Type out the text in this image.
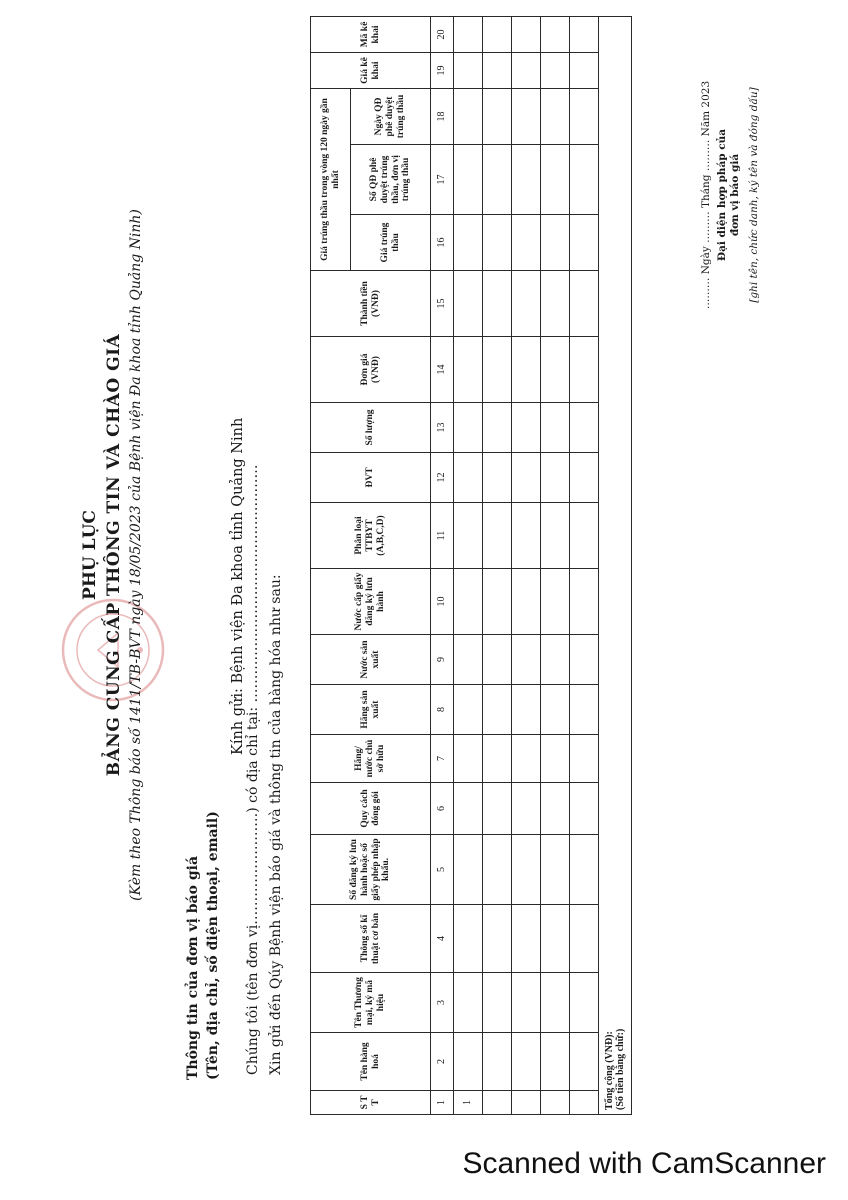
PHỤ LỤC BẢNG CUNG CẤP THÔNG TIN VÀ CHÀO GIÁ (Kèm theo Thông báo số 1411/TB-BVT ngày 18/05/2023 của Bệnh viện Đa khoa tỉnh Quảng Ninh)
Thông tin của đơn vị báo giá (Tên, địa chỉ, số điện thoại, email)
Kính gửi: Bệnh viện Đa khoa tỉnh Quảng Ninh Chúng tôi (tên đơn vị……………………) có địa chỉ tại: …………………………………………… Xin gửi đến Qúy Bệnh viện báo giá và thông tin của hàng hóa như sau:
S T T	Tên hàng hoá	Tên Thương mại, ký mã hiệu	Thông số kĩ thuật cơ bản	Số đăng ký lưu hành hoặc số giấy phép nhập khẩu.	Quy cách đóng gói	Hãng/ nước chủ sở hữu	Hãng sản xuất	Nước sản xuất	Nước cấp giấy đăng ký lưu hành	Phân loại TTBYT (A,B,C,D)	ĐVT	Số lượng	Đơn giá (VNĐ)	Thành tiền (VNĐ)	Giá trúng thầu trong vòng 120 ngày gần nhất			Giá kê khai	Mã kê khai
															Giá trúng thầu	Số QĐ phê duyệt trúng thầu, đơn vị trúng thầu	Ngày QĐ phê duyệt trúng thầu		
1	2	3	4	5	6	7	8	9	10	11	12	13	14	15	16	17	18	19	20
1																			

Tổng cộng (VNĐ): (Số tiền bằng chữ:)																			
……… Ngày ……… Tháng ……… Năm 2023 Đại diện hợp pháp của đơn vị báo giá [ghi tên, chức danh, ký tên và đóng dấu]
Scanned with CamScanner
